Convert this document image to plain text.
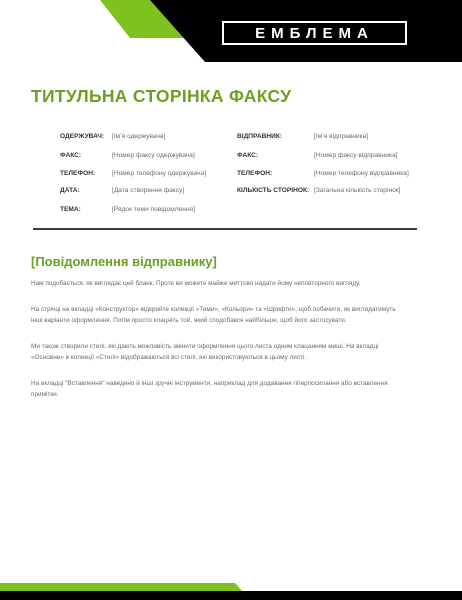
ЕМБЛЕМА
ТИТУЛЬНА СТОРІНКА ФАКСУ
ОДЕРЖУВАЧ: [Ім’я одержувача]
ФАКС:	[Номер факсу одержувача]
ТЕЛЕФОН:	[Номер телефону одержувача]
ДАТА:	[Дата створення факсу]
ТЕМА:	[Рядок теми повідомлення]
ВІДПРАВНИК:	[Ім’я відправника]
ФАКС:	[Номер факсу відправника]
ТЕЛЕФОН:	[Номер телефону відправника]
КІЛЬКІСТЬ СТОРІНОК: [Загальна кількість сторінок]
[Повідомлення відправнику]

Нам подобається, як виглядає цей бланк. Проте ви можете майже миттєво надати йому неповторного вигляду.

На стрічці на вкладці «Конструктор» відкрийте колекції «Теми», «Кольори» та «Шрифти», щоб побачити, як виглядатимуть інші варіанти оформлення. Потім просто клацніть той, який сподобався найбільше, щоб його застосувати.

Ми також створили стилі, які дають можливість змінити оформлення цього листа одним клацанням миші. На вкладці «Основне» в колекції «Стилі» відображаються всі стилі, які використовуються в цьому листі.

На вкладці "Вставлення" наведено й інші зручні інструменти, наприклад для додавання гіперпосилання або вставлення примітки.
